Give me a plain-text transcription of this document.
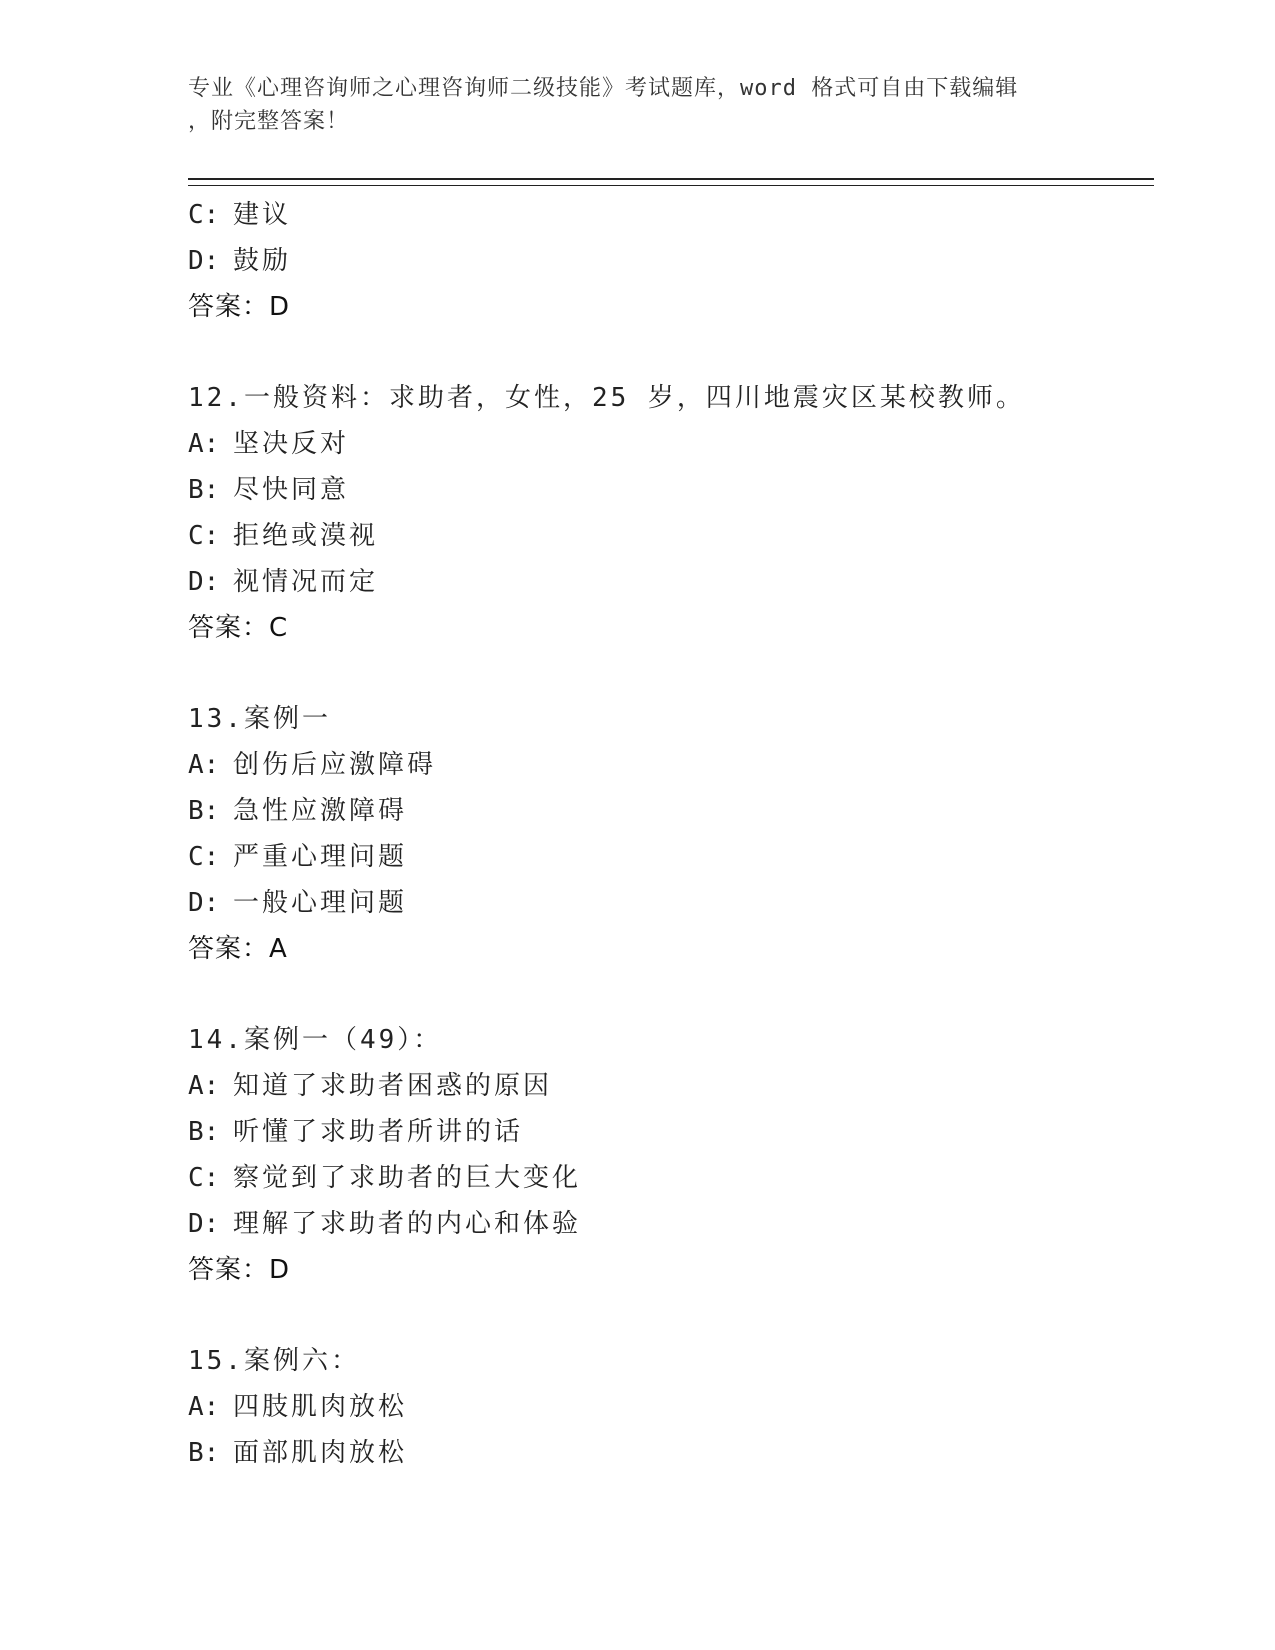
专业《心理咨询师之心理咨询师二级技能》考试题库，word 格式可自由下载编辑
，附完整答案！
C: 建议
D: 鼓励
答案：D
12.一般资料：求助者，女性，25 岁，四川地震灾区某校教师。
A: 坚决反对
B: 尽快同意
C: 拒绝或漠视
D: 视情况而定
答案：C
13.案例一
A: 创伤后应激障碍
B: 急性应激障碍
C: 严重心理问题
D: 一般心理问题
答案：A
14.案例一（49）：
A: 知道了求助者困惑的原因
B: 听懂了求助者所讲的话
C: 察觉到了求助者的巨大变化
D: 理解了求助者的内心和体验
答案：D
15.案例六：
A: 四肢肌肉放松
B: 面部肌肉放松
